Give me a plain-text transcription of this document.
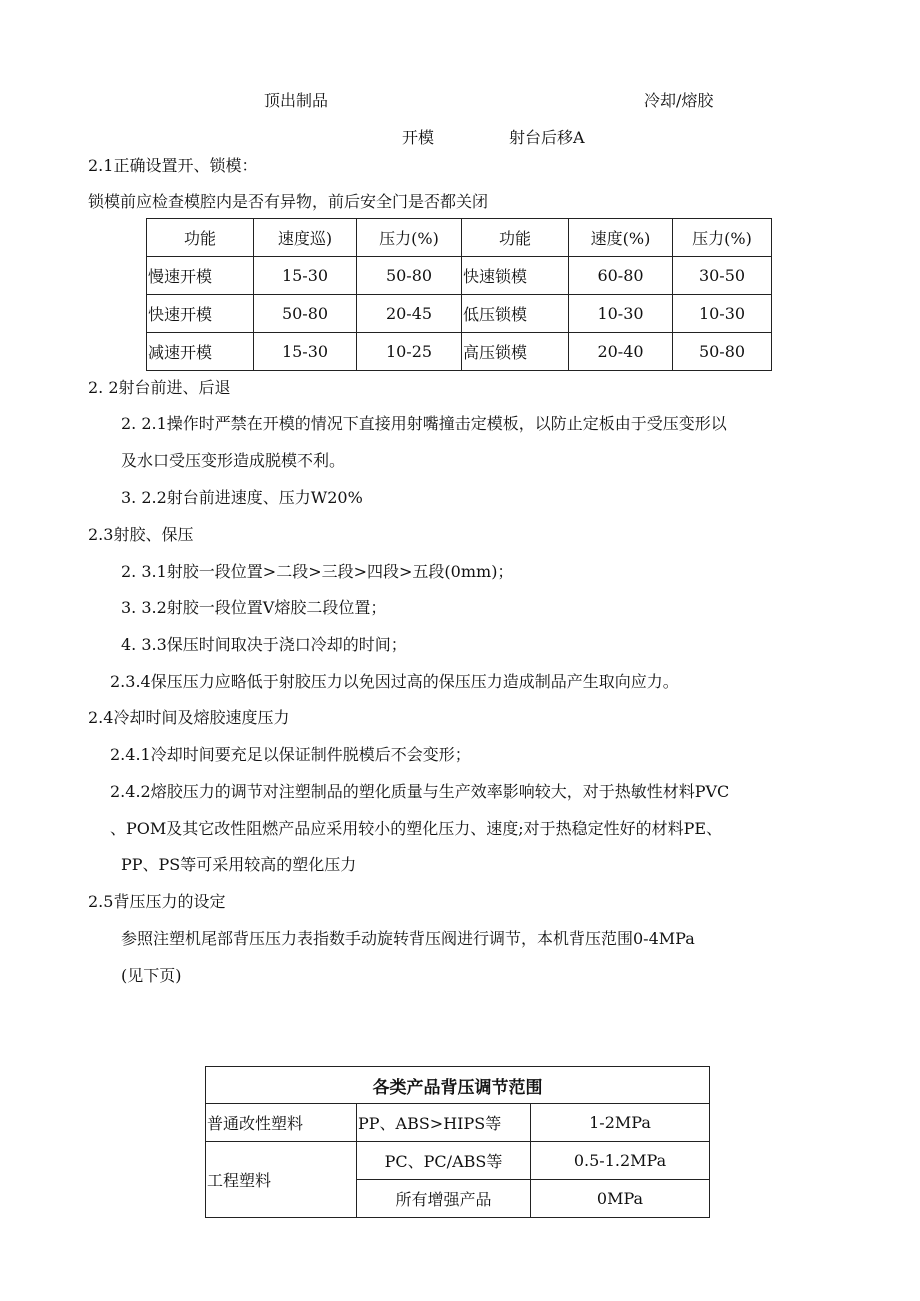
顶出制品	冷却/熔胶
开模	射台后移A
2.1正确设置开、锁模：
锁模前应检查模腔内是否有异物，前后安全门是否都关闭
功能	速度巡)	压力(%)	功能	速度(%)	压力(%)
慢速开模	15-30	50-80	快速锁模	60-80	30-50
快速开模	50-80	20-45	低压锁模	10-30	10-30
减速开模	15-30	10-25	高压锁模	20-40	50-80
2. 2射台前进、后退
2. 2.1操作时严禁在开模的情况下直接用射嘴撞击定模板，以防止定板由于受压变形以
及水口受压变形造成脱模不利。
3. 2.2射台前进速度、压力W20%
2.3射胶、保压
2. 3.1射胶一段位置>二段>三段>四段>五段(0mm)；
3. 3.2射胶一段位置V熔胶二段位置；
4. 3.3保压时间取决于浇口冷却的时间；
2.3.4保压压力应略低于射胶压力以免因过高的保压压力造成制品产生取向应力。
2.4冷却时间及熔胶速度压力
2.4.1冷却时间要充足以保证制件脱模后不会变形；
2.4.2熔胶压力的调节对注塑制品的塑化质量与生产效率影响较大，对于热敏性材料PVC
、POM及其它改性阻燃产品应采用较小的塑化压力、速度;对于热稳定性好的材料PE、
PP、PS等可采用较高的塑化压力
2.5背压压力的设定
参照注塑机尾部背压压力表指数手动旋转背压阀进行调节，本机背压范围0-4MPa
(见下页)
各类产品背压调节范围		
普通改性塑料	PP、ABS>HIPS等	1-2MPa
工程塑料	PC、PC/ABS等	0.5-1.2MPa
	所有增强产品	0MPa
